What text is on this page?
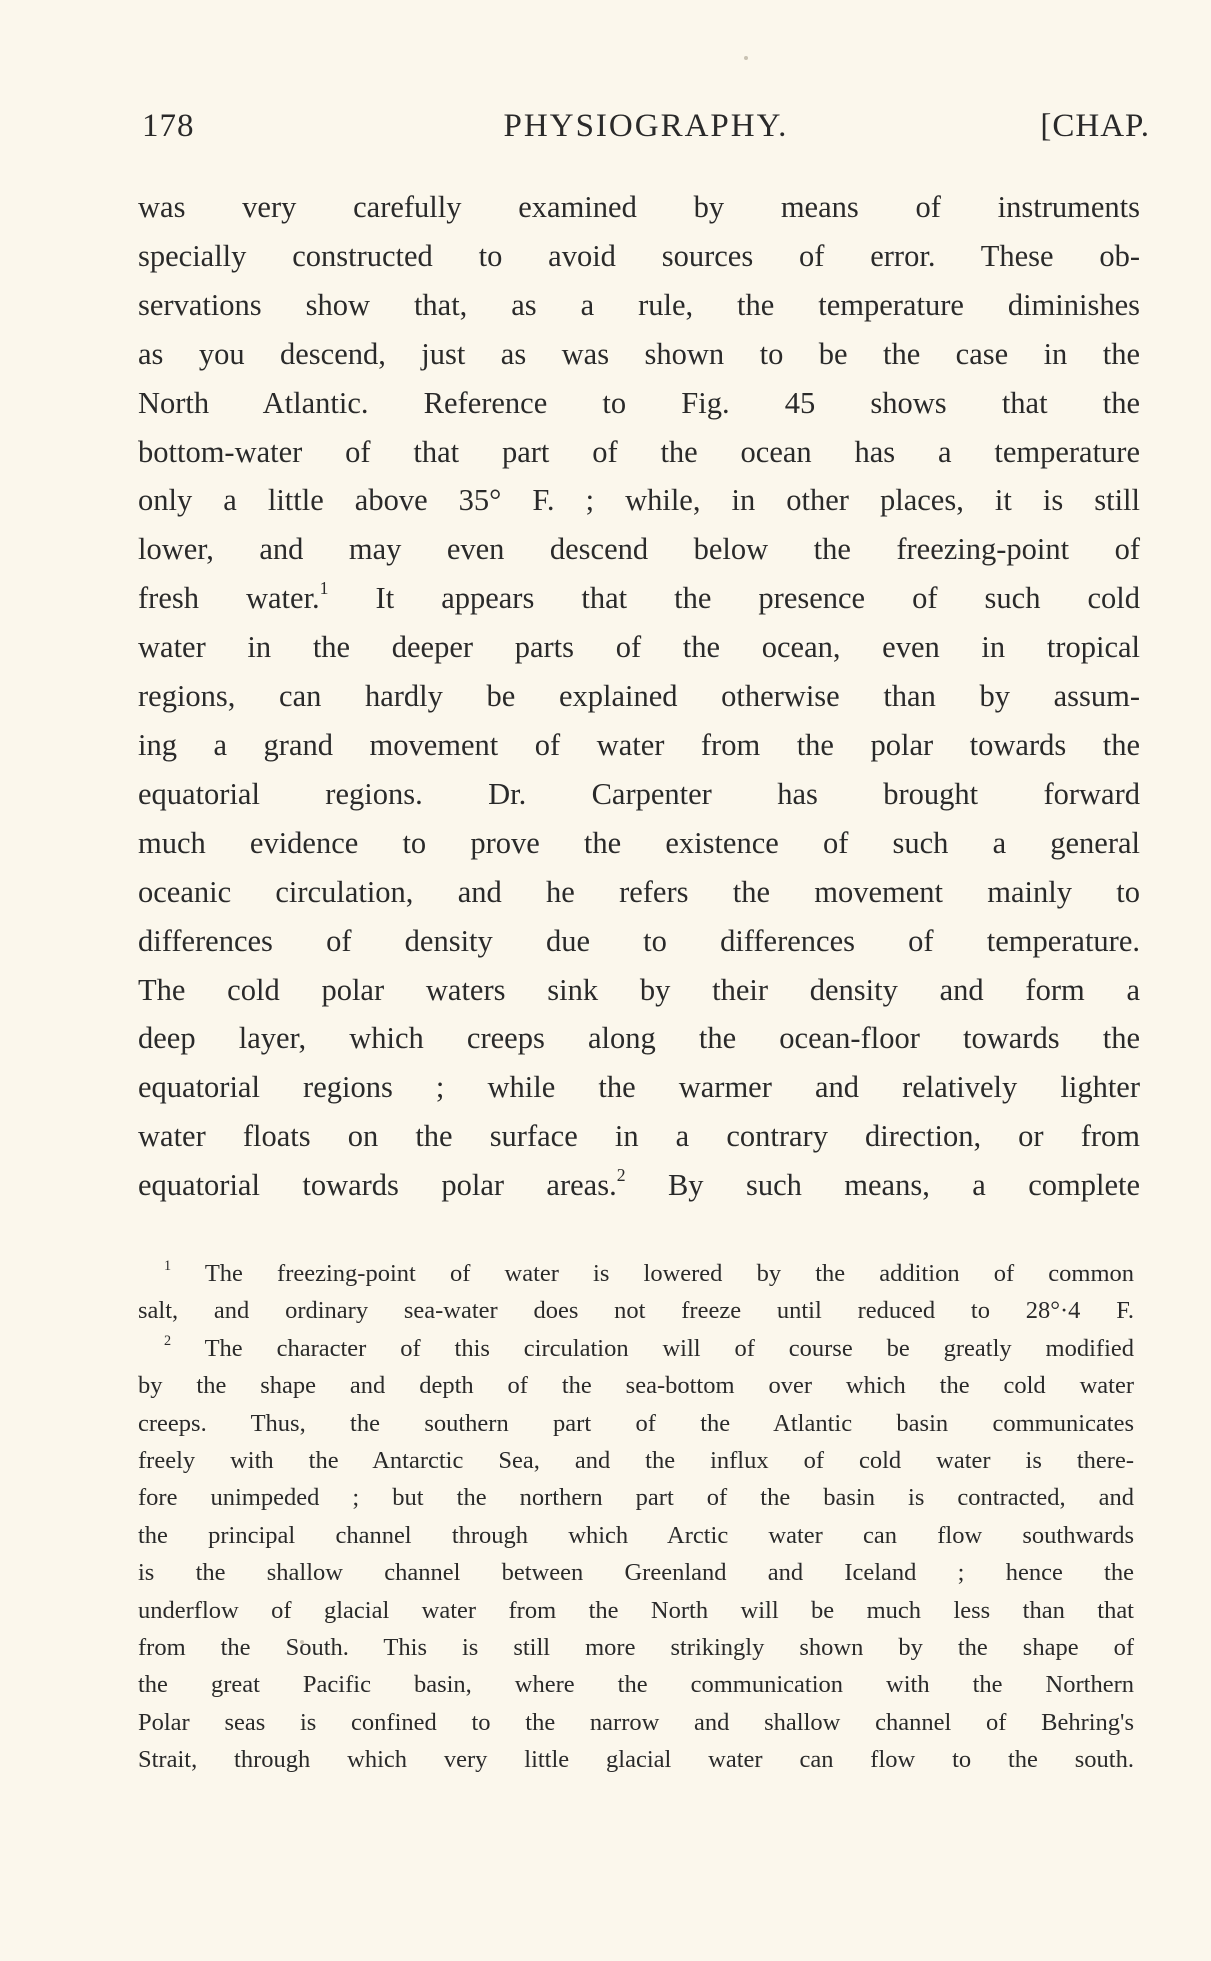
178	PHYSIOGRAPHY.	[CHAP.
was very carefully examined by means of instruments
specially constructed to avoid sources of error. These ob-
servations show that, as a rule, the temperature diminishes
as you descend, just as was shown to be the case in the
North Atlantic. Reference to Fig. 45 shows that the
bottom-water of that part of the ocean has a temperature
only a little above 35° F. ; while, in other places, it is still
lower, and may even descend below the freezing-point of
fresh water.$^1$ It appears that the presence of such cold
water in the deeper parts of the ocean, even in tropical
regions, can hardly be explained otherwise than by assum-
ing a grand movement of water from the polar towards the
equatorial regions. Dr. Carpenter has brought forward
much evidence to prove the existence of such a general
oceanic circulation, and he refers the movement mainly to
differences of density due to differences of temperature.
The cold polar waters sink by their density and form a
deep layer, which creeps along the ocean-floor towards the
equatorial regions ; while the warmer and relatively lighter
water floats on the surface in a contrary direction, or from
equatorial towards polar areas.$^2$ By such means, a complete
$^1$ The freezing-point of water is lowered by the addition of common
salt, and ordinary sea-water does not freeze until reduced to 28°·4 F.
$^2$ The character of this circulation will of course be greatly modified
by the shape and depth of the sea-bottom over which the cold water
creeps. Thus, the southern part of the Atlantic basin communicates
freely with the Antarctic Sea, and the influx of cold water is there-
fore unimpeded ; but the northern part of the basin is contracted, and
the principal channel through which Arctic water can flow southwards
is the shallow channel between Greenland and Iceland ; hence the
underflow of glacial water from the North will be much less than that
from the South. This is still more strikingly shown by the shape of
the great Pacific basin, where the communication with the Northern
Polar seas is confined to the narrow and shallow channel of Behring's
Strait, through which very little glacial water can flow to the south.
